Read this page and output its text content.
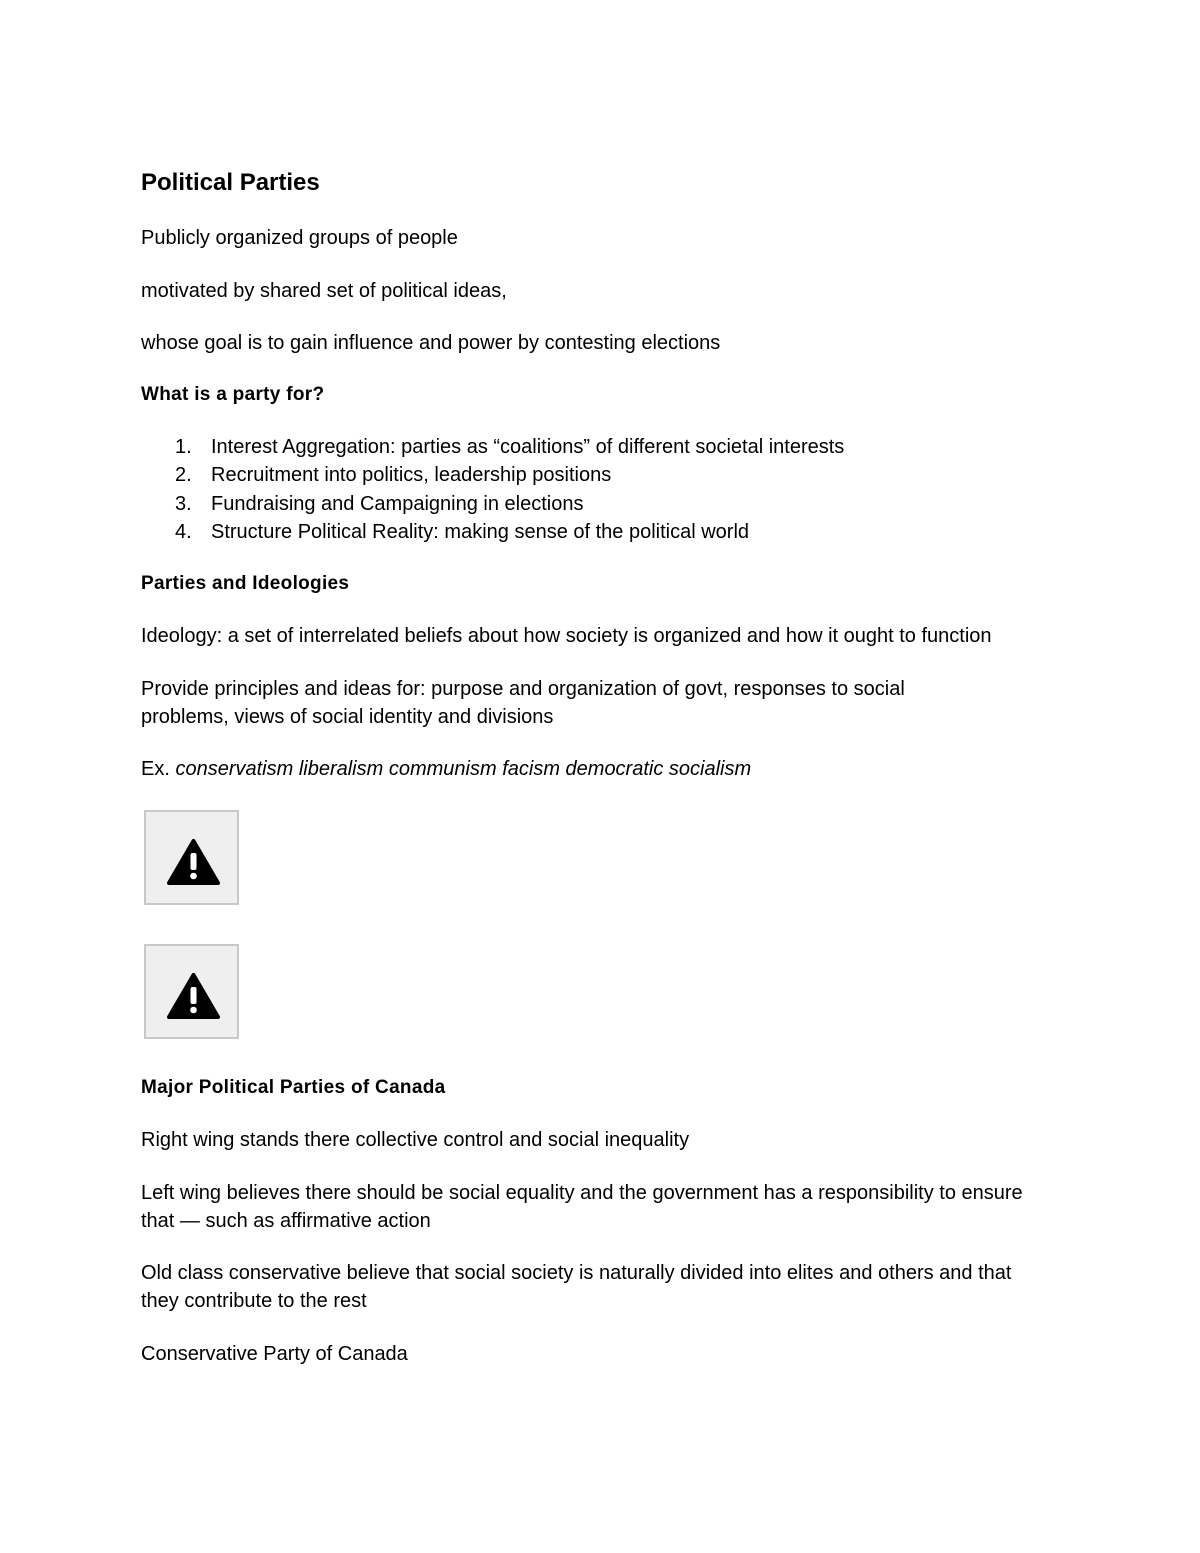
Political Parties

Publicly organized groups of people

motivated by shared set of political ideas,

whose goal is to gain influence and power by contesting elections

What is a party for?
1. Interest Aggregation: parties as “coalitions” of different societal interests
2. Recruitment into politics, leadership positions
3. Fundraising and Campaigning in elections
4. Structure Political Reality: making sense of the political world
Parties and Ideologies

Ideology: a set of interrelated beliefs about how society is organized and how it ought to function

Provide principles and ideas for: purpose and organization of govt, responses to social problems, views of social identity and divisions

Ex. conservatism liberalism communism facism democratic socialism

Major Political Parties of Canada

Right wing stands there collective control and social inequality

Left wing believes there should be social equality and the government has a responsibility to ensure that — such as affirmative action

Old class conservative believe that social society is naturally divided into elites and others and that they contribute to the rest

Conservative Party of Canada
